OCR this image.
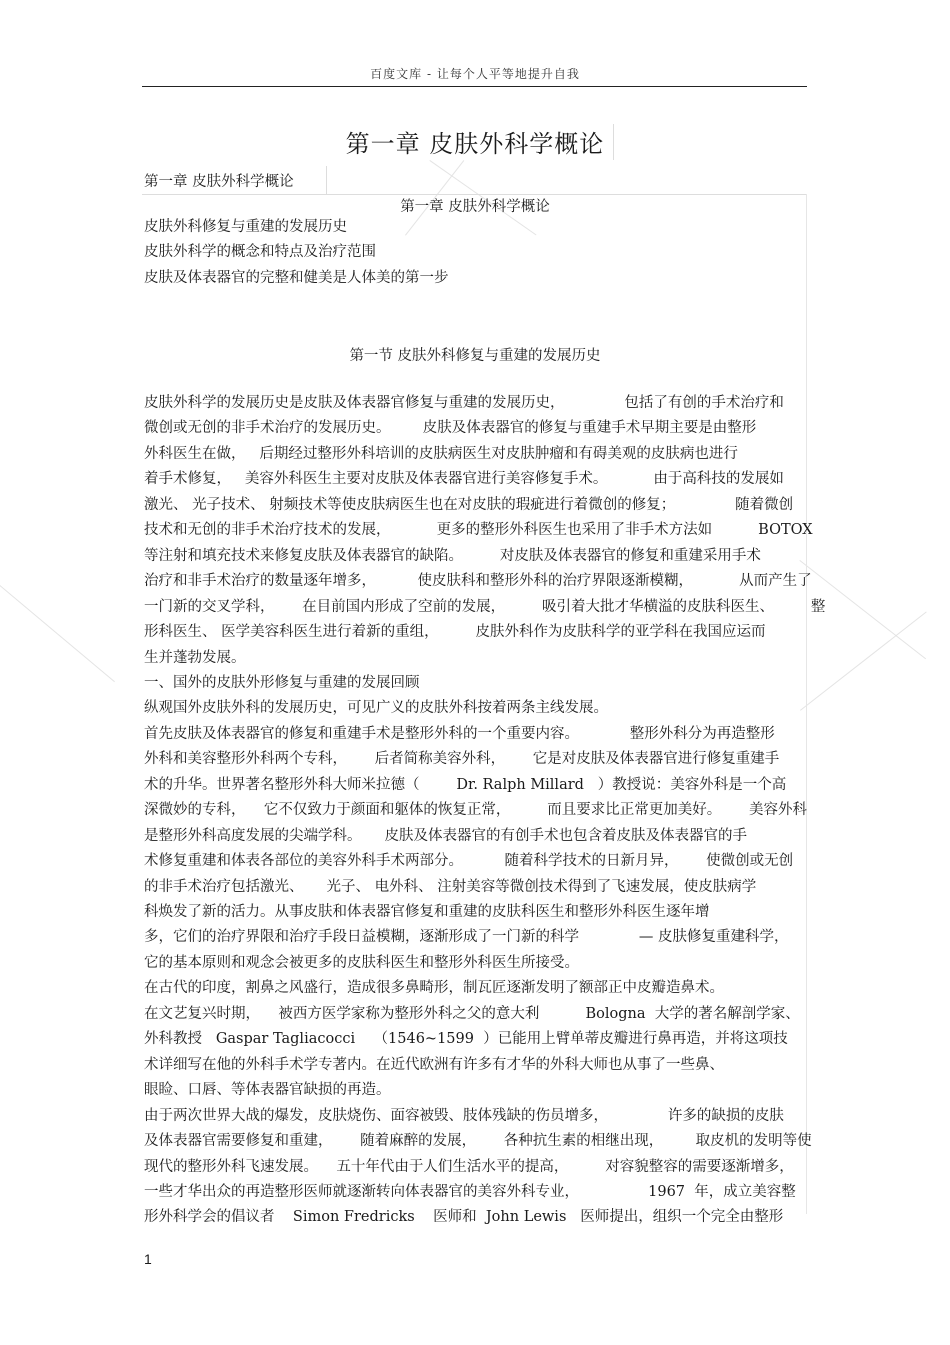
百度文库 - 让每个人平等地提升自我
第一章 皮肤外科学概论
第一章 皮肤外科学概论
第一章 皮肤外科学概论
皮肤外科修复与重建的发展历史
皮肤外科学的概念和特点及治疗范围
皮肤及体表器官的完整和健美是人体美的第一步
第一节 皮肤外科修复与重建的发展历史
皮肤外科学的发展历史是皮肤及体表器官修复与重建的发展历史，             包括了有创的手术治疗和
微创或无创的非手术治疗的发展历史。       皮肤及体表器官的修复与重建手术早期主要是由整形
外科医生在做，   后期经过整形外科培训的皮肤病医生对皮肤肿瘤和有碍美观的皮肤病也进行
着手术修复，   美容外科医生主要对皮肤及体表器官进行美容修复手术。          由于高科技的发展如
激光、 光子技术、 射频技术等使皮肤病医生也在对皮肤的瑕疵进行着微创的修复；             随着微创
技术和无创的非手术治疗技术的发展，          更多的整形外科医生也采用了非手术方法如          BOTOX
等注射和填充技术来修复皮肤及体表器官的缺陷。        对皮肤及体表器官的修复和重建采用手术
治疗和非手术治疗的数量逐年增多，         使皮肤科和整形外科的治疗界限逐渐模糊，          从而产生了
一门新的交叉学科，      在目前国内形成了空前的发展，        吸引着大批才华横溢的皮肤科医生、        整
形科医生、 医学美容科医生进行着新的重组，        皮肤外科作为皮肤科学的亚学科在我国应运而
生并蓬勃发展。
一、国外的皮肤外形修复与重建的发展回顾
纵观国外皮肤外科的发展历史，可见广义的皮肤外科按着两条主线发展。
首先皮肤及体表器官的修复和重建手术是整形外科的一个重要内容。           整形外科分为再造整形
外科和美容整形外科两个专科，      后者简称美容外科，      它是对皮肤及体表器官进行修复重建手
术的升华。世界著名整形外科大师米拉德（        Dr. Ralph Millard   ）教授说：美容外科是一个高
深微妙的专科，    它不仅致力于颜面和躯体的恢复正常，        而且要求比正常更加美好。      美容外科
是整形外科高度发展的尖端学科。     皮肤及体表器官的有创手术也包含着皮肤及体表器官的手
术修复重建和体表各部位的美容外科手术两部分。         随着科学技术的日新月异，      使微创或无创
的非手术治疗包括激光、     光子、 电外科、 注射美容等微创技术得到了飞速发展，使皮肤病学
科焕发了新的活力。从事皮肤和体表器官修复和重建的皮肤科医生和整形外科医生逐年增
多，它们的治疗界限和治疗手段日益模糊，逐渐形成了一门新的科学             — 皮肤修复重建科学，
它的基本原则和观念会被更多的皮肤科医生和整形外科医生所接受。
在古代的印度，割鼻之风盛行，造成很多鼻畸形，制瓦匠逐渐发明了额部正中皮瓣造鼻术。
在文艺复兴时期，    被西方医学家称为整形外科之父的意大利          Bologna  大学的著名解剖学家、
外科教授   Gaspar Tagliacocci    （1546~1599  ）已能用上臂单蒂皮瓣进行鼻再造，并将这项技
术详细写在他的外科手术学专著内。在近代欧洲有许多有才华的外科大师也从事了一些鼻、
眼睑、口唇、等体表器官缺损的再造。
由于两次世界大战的爆发，皮肤烧伤、面容被毁、肢体残缺的伤员增多，             许多的缺损的皮肤
及体表器官需要修复和重建，      随着麻醉的发展，      各种抗生素的相继出现，       取皮机的发明等使
现代的整形外科飞速发展。    五十年代由于人们生活水平的提高，        对容貌整容的需要逐渐增多，
一些才华出众的再造整形医师就逐渐转向体表器官的美容外科专业，               1967  年，成立美容整
形外科学会的倡议者    Simon Fredricks    医师和  John Lewis   医师提出，组织一个完全由整形
1
